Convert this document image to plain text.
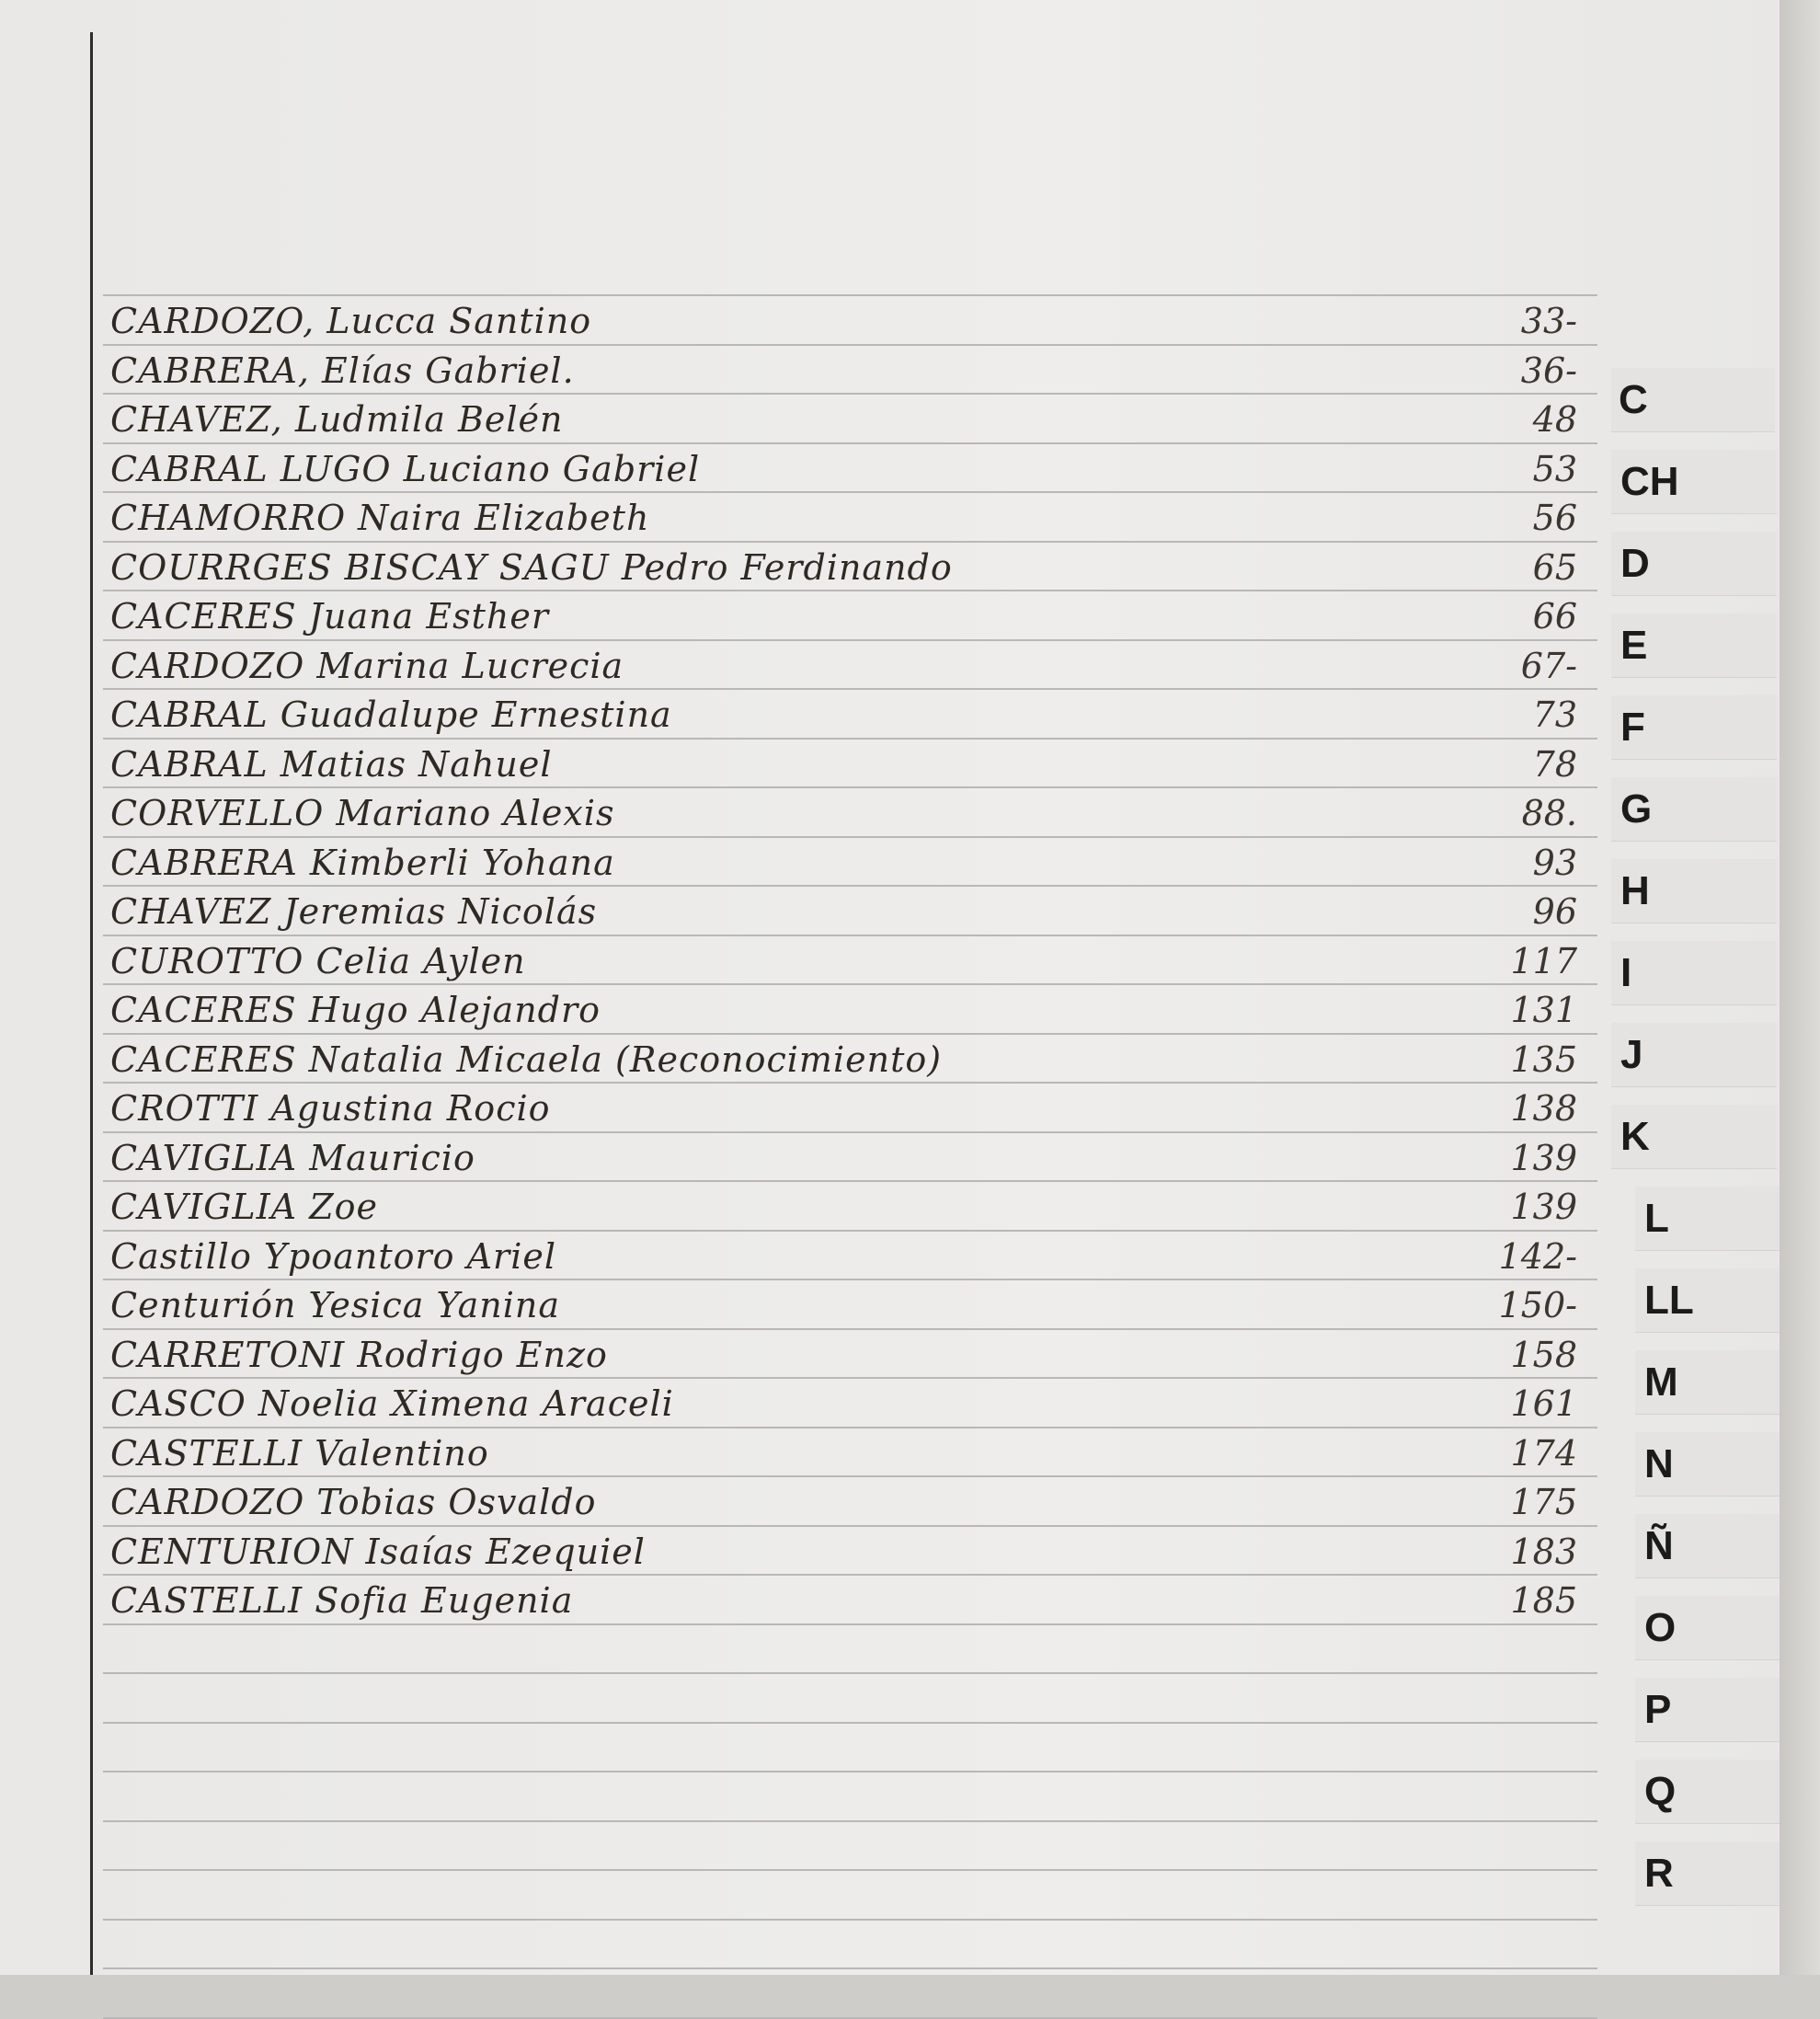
CARDOZO, Lucca Santino	33-
CABRERA, Elías Gabriel.	36-
CHAVEZ, Ludmila Belén	48
CABRAL LUGO Luciano Gabriel	53
CHAMORRO Naira Elizabeth	56
COURRGES BISCAY SAGU Pedro Ferdinando	65
CACERES Juana Esther	66
CARDOZO Marina Lucrecia	67-
CABRAL Guadalupe Ernestina	73
CABRAL Matias Nahuel	78
CORVELLO Mariano Alexis	88.
CABRERA Kimberli Yohana	93
CHAVEZ Jeremias Nicolás	96
CUROTTO Celia Aylen	117
CACERES Hugo Alejandro	131
CACERES Natalia Micaela (Reconocimiento)	135
CROTTI Agustina Rocio	138
CAVIGLIA Mauricio	139
CAVIGLIA Zoe	139
Castillo Ypoantoro Ariel	142-
Centurión Yesica Yanina	150-
CARRETONI Rodrigo Enzo	158
CASCO Noelia Ximena Araceli	161
CASTELLI Valentino	174
CARDOZO Tobias Osvaldo	175
CENTURION Isaías Ezequiel	183
CASTELLI Sofia Eugenia	185
C
CH
D
E
F
G
H
I
J
K
L
LL
M
N
Ñ
O
P
Q
R
